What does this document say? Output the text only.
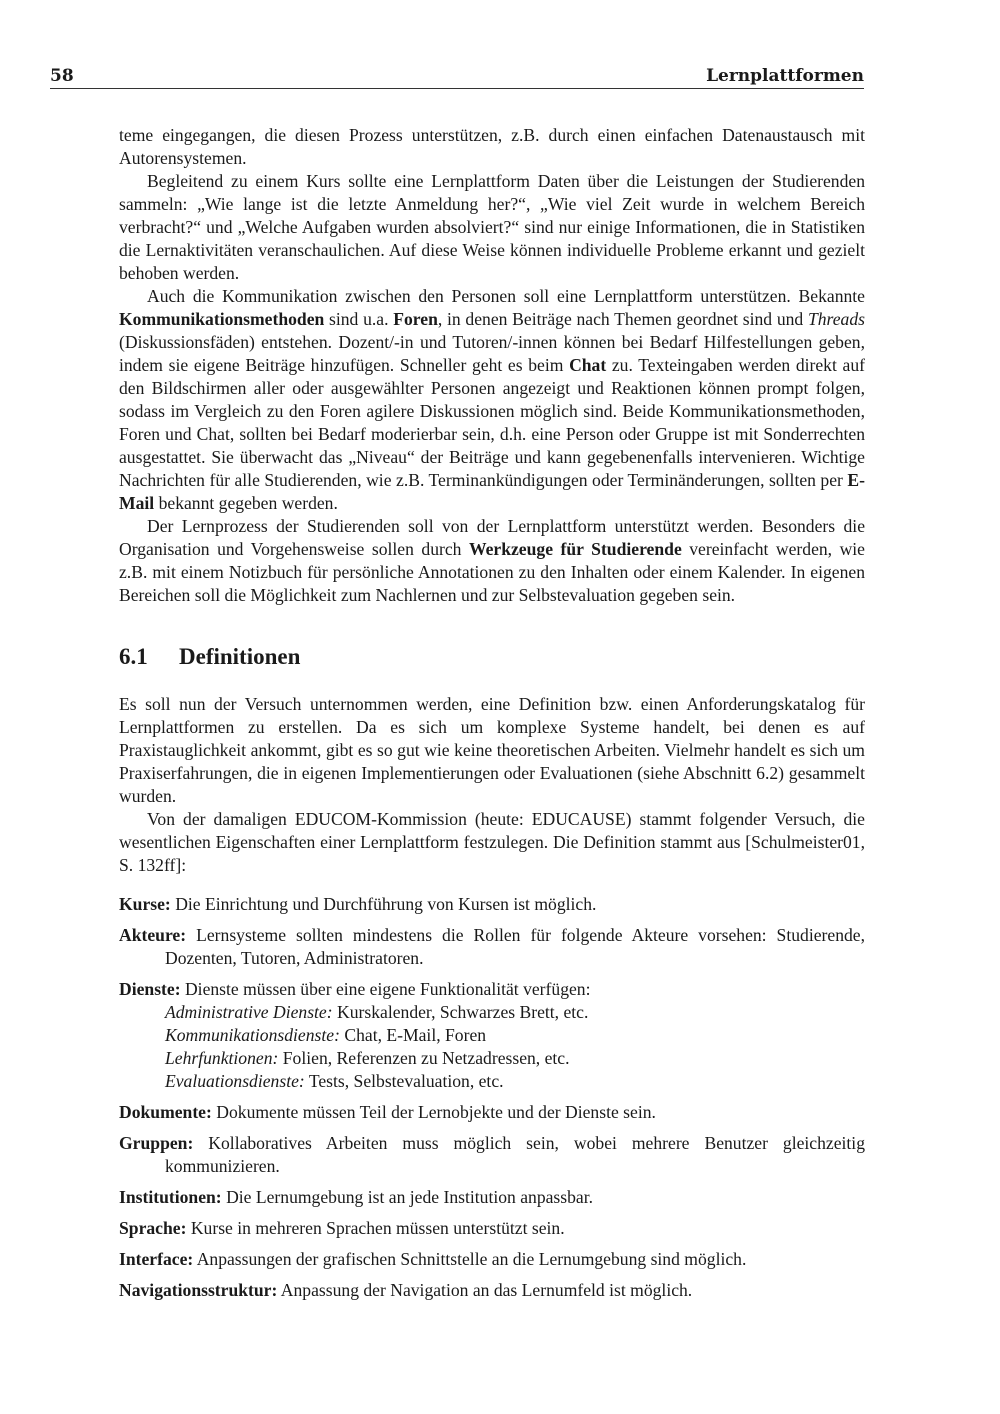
58	Lernplattformen

teme eingegangen, die diesen Prozess unterstützen, z.B. durch einen einfachen Datenaustausch mit Autorensystemen.

Begleitend zu einem Kurs sollte eine Lernplattform Daten über die Leistungen der Studierenden sammeln: „Wie lange ist die letzte Anmeldung her?“, „Wie viel Zeit wurde in welchem Bereich verbracht?“ und „Welche Aufgaben wurden absolviert?“ sind nur einige Informationen, die in Statistiken die Lernaktivitäten veranschaulichen. Auf diese Weise können individuelle Probleme erkannt und gezielt behoben werden.

Auch die Kommunikation zwischen den Personen soll eine Lernplattform unterstützen. Bekannte Kommunikationsmethoden sind u.a. Foren, in denen Beiträge nach Themen geordnet sind und Threads (Diskussionsfäden) entstehen. Dozent/-in und Tutoren/-innen können bei Bedarf Hilfestellungen geben, indem sie eigene Beiträge hinzufügen. Schneller geht es beim Chat zu. Texteingaben werden direkt auf den Bildschirmen aller oder ausgewählter Personen angezeigt und Reaktionen können prompt folgen, sodass im Vergleich zu den Foren agilere Diskussionen möglich sind. Beide Kommunikationsmethoden, Foren und Chat, sollten bei Bedarf moderierbar sein, d.h. eine Person oder Gruppe ist mit Sonderrechten ausgestattet. Sie überwacht das „Niveau“ der Beiträge und kann gegebenenfalls intervenieren. Wichtige Nachrichten für alle Studierenden, wie z.B. Terminankündigungen oder Terminänderungen, sollten per E-Mail bekannt gegeben werden.

Der Lernprozess der Studierenden soll von der Lernplattform unterstützt werden. Besonders die Organisation und Vorgehensweise sollen durch Werkzeuge für Studierende vereinfacht werden, wie z.B. mit einem Notizbuch für persönliche Annotationen zu den Inhalten oder einem Kalender. In eigenen Bereichen soll die Möglichkeit zum Nachlernen und zur Selbstevaluation gegeben sein.

6.1 Definitionen

Es soll nun der Versuch unternommen werden, eine Definition bzw. einen Anforderungskatalog für Lernplattformen zu erstellen. Da es sich um komplexe Systeme handelt, bei denen es auf Praxistauglichkeit ankommt, gibt es so gut wie keine theoretischen Arbeiten. Vielmehr handelt es sich um Praxiserfahrungen, die in eigenen Implementierungen oder Evaluationen (siehe Abschnitt 6.2) gesammelt wurden.

Von der damaligen EDUCOM-Kommission (heute: EDUCAUSE) stammt folgender Versuch, die wesentlichen Eigenschaften einer Lernplattform festzulegen. Die Definition stammt aus [Schulmeister01, S. 132ff]:

Kurse: Die Einrichtung und Durchführung von Kursen ist möglich.
Akteure: Lernsysteme sollten mindestens die Rollen für folgende Akteure vorsehen: Studierende, Dozenten, Tutoren, Administratoren.
Dienste: Dienste müssen über eine eigene Funktionalität verfügen:
Administrative Dienste: Kurskalender, Schwarzes Brett, etc.
Kommunikationsdienste: Chat, E-Mail, Foren
Lehrfunktionen: Folien, Referenzen zu Netzadressen, etc.
Evaluationsdienste: Tests, Selbstevaluation, etc.
Dokumente: Dokumente müssen Teil der Lernobjekte und der Dienste sein.
Gruppen: Kollaboratives Arbeiten muss möglich sein, wobei mehrere Benutzer gleichzeitig kommunizieren.
Institutionen: Die Lernumgebung ist an jede Institution anpassbar.
Sprache: Kurse in mehreren Sprachen müssen unterstützt sein.
Interface: Anpassungen der grafischen Schnittstelle an die Lernumgebung sind möglich.
Navigationsstruktur: Anpassung der Navigation an das Lernumfeld ist möglich.
